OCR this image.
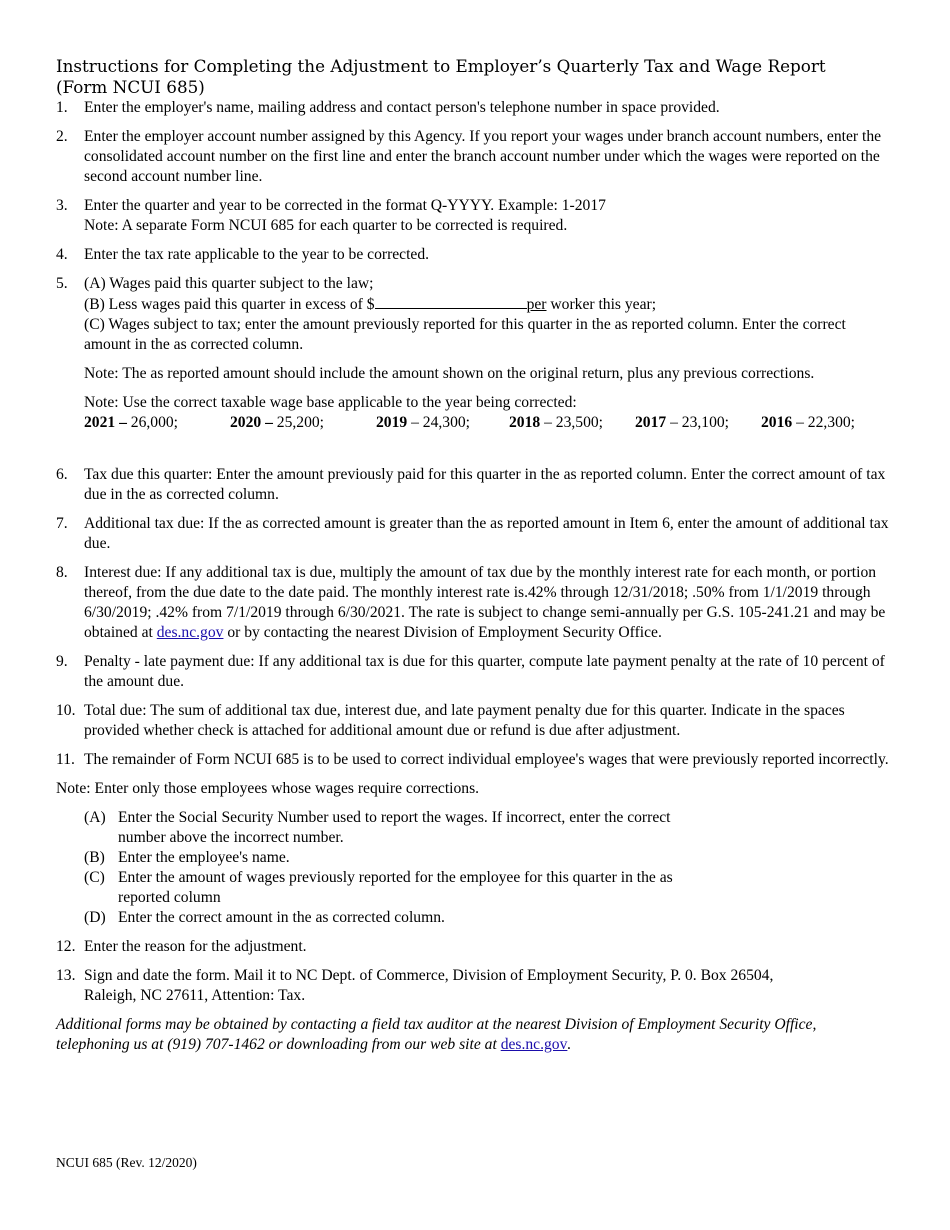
Instructions for Completing the Adjustment to Employer’s Quarterly Tax and Wage Report
(Form NCUI 685)
1. Enter the employer's name, mailing address and contact person's telephone number in space provided.
2. Enter the employer account number assigned by this Agency. If you report your wages under branch account numbers, enter the consolidated account number on the first line and enter the branch account number under which the wages were reported on the second account number line.
3. Enter the quarter and year to be corrected in the format Q-YYYY. Example: 1-2017
Note: A separate Form NCUI 685 for each quarter to be corrected is required.
4. Enter the tax rate applicable to the year to be corrected.
5. (A) Wages paid this quarter subject to the law;
(B) Less wages paid this quarter in excess of $	per worker this year;
(C) Wages subject to tax; enter the amount previously reported for this quarter in the as reported column. Enter the correct amount in the as corrected column.
Note: The as reported amount should include the amount shown on the original return, plus any previous corrections.
Note: Use the correct taxable wage base applicable to the year being corrected:
2021 – 26,000;	2020 – 25,200;	2019 – 24,300;	2018 – 23,500;	2017 – 23,100;	2016 – 22,300;
6. Tax due this quarter: Enter the amount previously paid for this quarter in the as reported column. Enter the correct amount of tax due in the as corrected column.
7. Additional tax due: If the as corrected amount is greater than the as reported amount in Item 6, enter the amount of additional tax due.
8. Interest due: If any additional tax is due, multiply the amount of tax due by the monthly interest rate for each month, or portion thereof, from the due date to the date paid. The monthly interest rate is.42% through 12/31/2018; .50% from 1/1/2019 through 6/30/2019; .42% from 7/1/2019 through 6/30/2021. The rate is subject to change semi-annually per G.S. 105-241.21 and may be obtained at des.nc.gov or by contacting the nearest Division of Employment Security Office.
9. Penalty - late payment due: If any additional tax is due for this quarter, compute late payment penalty at the rate of 10 percent of the amount due.
10. Total due: The sum of additional tax due, interest due, and late payment penalty due for this quarter. Indicate in the spaces provided whether check is attached for additional amount due or refund is due after adjustment.
11. The remainder of Form NCUI 685 is to be used to correct individual employee's wages that were previously reported incorrectly.
Note: Enter only those employees whose wages require corrections.
(A) Enter the Social Security Number used to report the wages. If incorrect, enter the correct
number above the incorrect number.
(B) Enter the employee's name.
(C) Enter the amount of wages previously reported for the employee for this quarter in the as
reported column
(D) Enter the correct amount in the as corrected column.
12. Enter the reason for the adjustment.
13. Sign and date the form. Mail it to NC Dept. of Commerce, Division of Employment Security, P. 0. Box 26504,
Raleigh, NC 27611, Attention: Tax.
Additional forms may be obtained by contacting a field tax auditor at the nearest Division of Employment Security Office,
telephoning us at (919) 707-1462 or downloading from our web site at des.nc.gov.
NCUI 685 (Rev. 12/2020)
